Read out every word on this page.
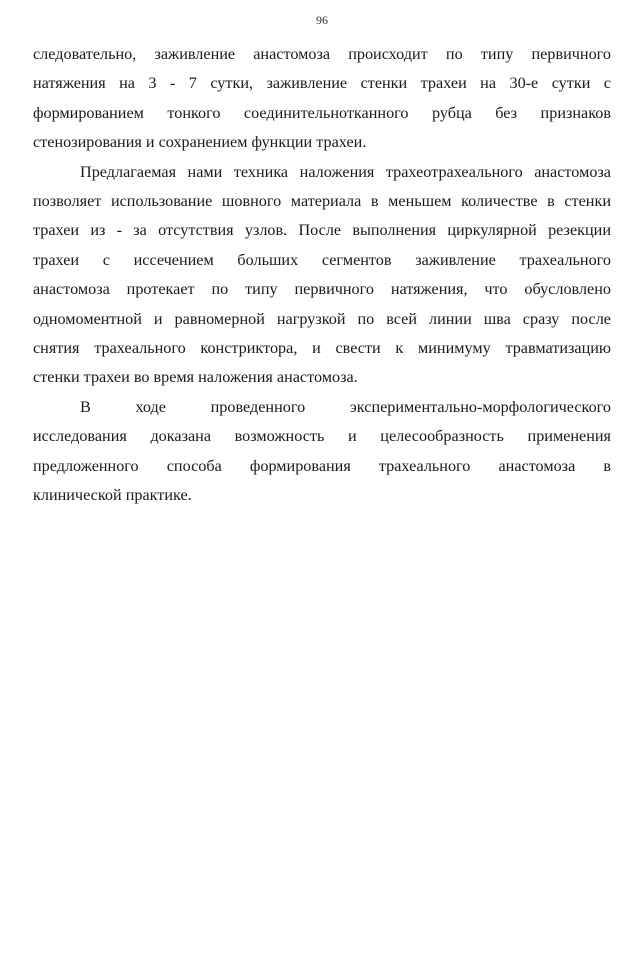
96

следовательно, заживление анастомоза происходит по типу первичного
натяжения на 3 - 7 сутки, заживление стенки трахеи на 30-е сутки с
формированием тонкого соединительнотканного рубца без признаков
стенозирования и сохранением функции трахеи.

Предлагаемая нами техника наложения трахеотрахеального анастомоза
позволяет использование шовного материала в меньшем количестве в стенки
трахеи из - за отсутствия узлов. После выполнения циркулярной резекции
трахеи с иссечением больших сегментов заживление трахеального
анастомоза протекает по типу первичного натяжения, что обусловлено
одномоментной и равномерной нагрузкой по всей линии шва сразу после
снятия трахеального констриктора, и свести к минимуму травматизацию
стенки трахеи во время наложения анастомоза.

В ходе проведенного экспериментально-морфологического
исследования доказана возможность и целесообразность применения
предложенного способа формирования трахеального анастомоза в
клинической практике.
